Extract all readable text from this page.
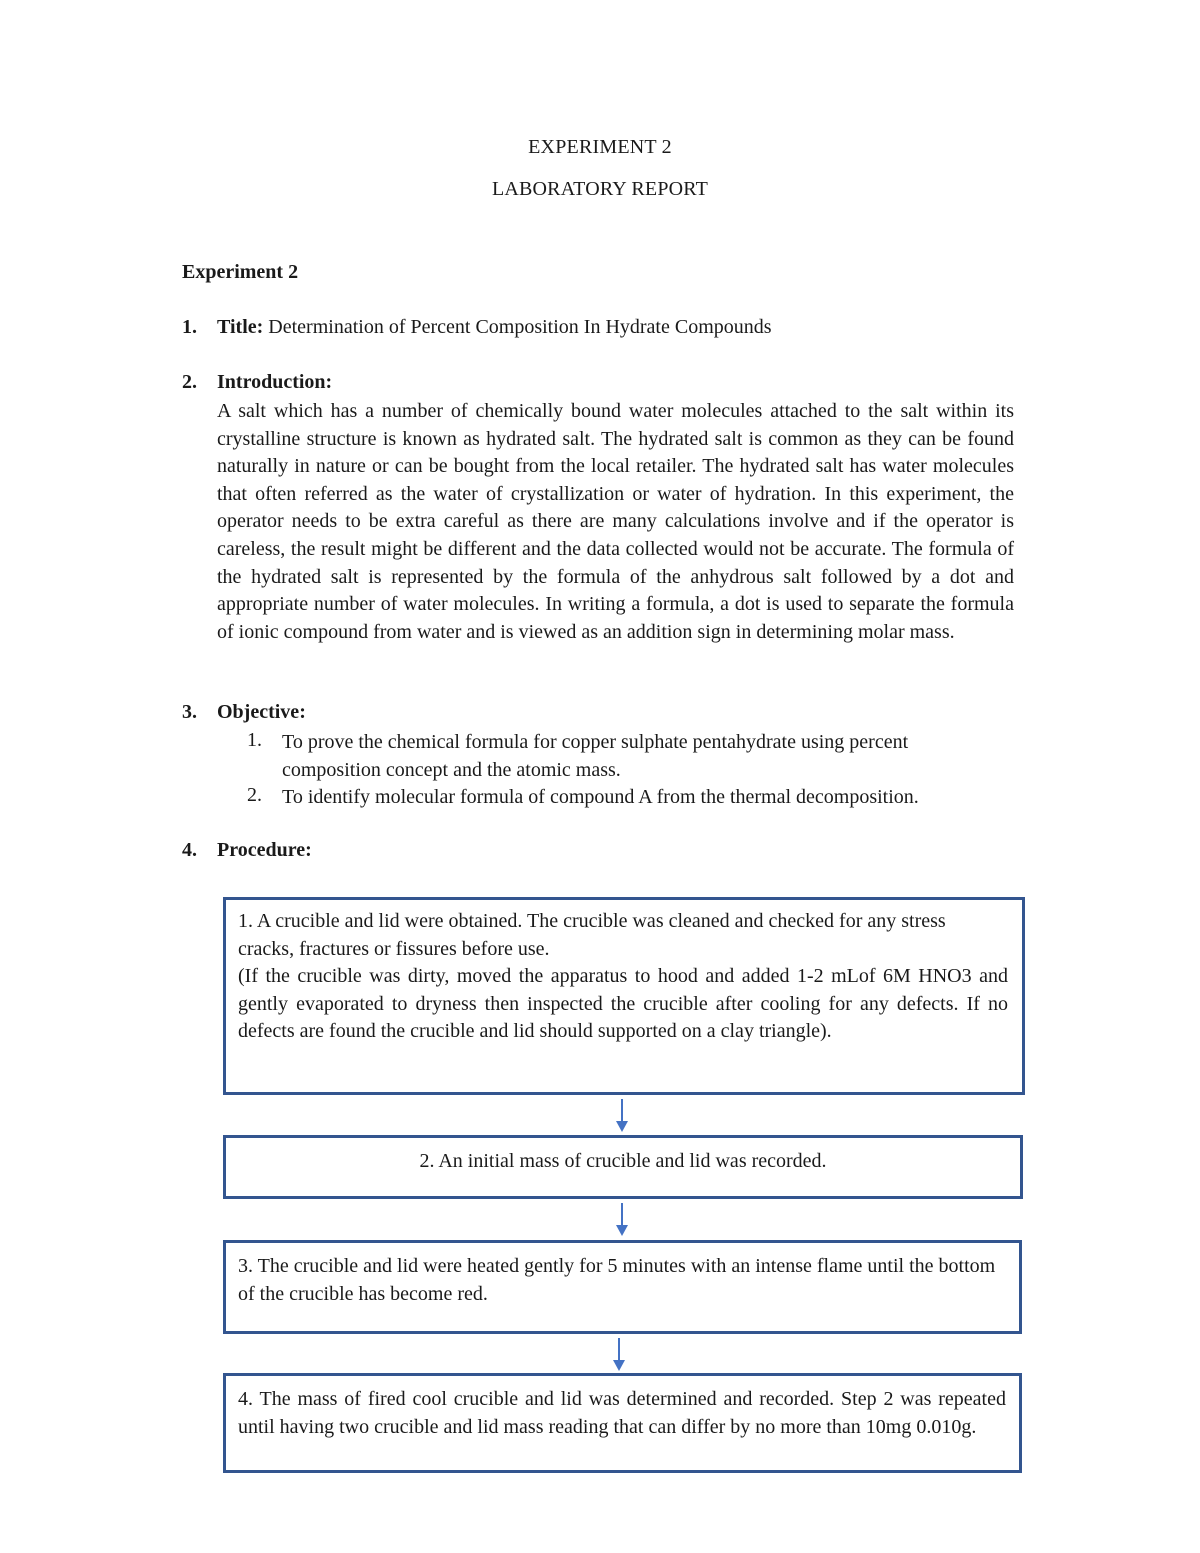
EXPERIMENT 2
LABORATORY REPORT
Experiment 2
1. Title: Determination of Percent Composition In Hydrate Compounds
2. Introduction:

A salt which has a number of chemically bound water molecules attached to the salt within its crystalline structure is known as hydrated salt. The hydrated salt is common as they can be found naturally in nature or can be bought from the local retailer. The hydrated salt has water molecules that often referred as the water of crystallization or water of hydration. In this experiment, the operator needs to be extra careful as there are many calculations involve and if the operator is careless, the result might be different and the data collected would not be accurate. The formula of the hydrated salt is represented by the formula of the anhydrous salt followed by a dot and appropriate number of water molecules. In writing a formula, a dot is used to separate the formula of ionic compound from water and is viewed as an addition sign in determining molar mass.

3. Objective:
1. To prove the chemical formula for copper sulphate pentahydrate using percent composition concept and the atomic mass.
2. To identify molecular formula of compound A from the thermal decomposition.
4. Procedure:

1. A crucible and lid were obtained. The crucible was cleaned and checked for any stress cracks, fractures or fissures before use.

(If the crucible was dirty, moved the apparatus to hood and added 1-2 mLof 6M HNO3 and gently evaporated to dryness then inspected the crucible after cooling for any defects. If no defects are found the crucible and lid should supported on a clay triangle).

2. An initial mass of crucible and lid was recorded.

3. The crucible and lid were heated gently for 5 minutes with an intense flame until the bottom of the crucible has become red.

4. The mass of fired cool crucible and lid was determined and recorded. Step 2 was repeated until having two crucible and lid mass reading that can differ by no more than 10mg 0.010g.
